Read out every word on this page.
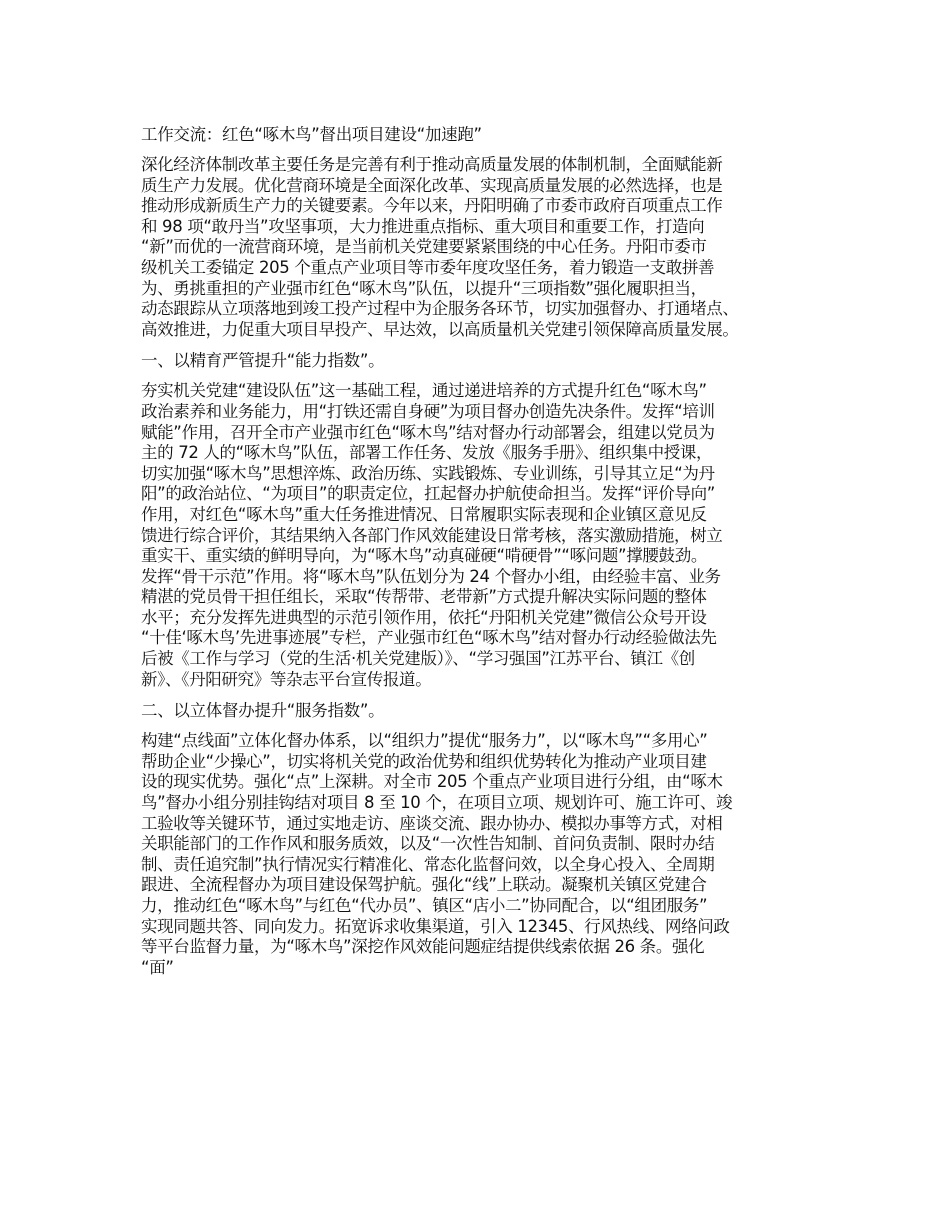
工作交流：红色“啄木鸟”督出项目建设“加速跑”
深化经济体制改革主要任务是完善有利于推动高质量发展的体制机制，全面赋能新
质生产力发展。优化营商环境是全面深化改革、实现高质量发展的必然选择，也是
推动形成新质生产力的关键要素。今年以来，丹阳明确了市委市政府百项重点工作
和 98 项“敢丹当”攻坚事项，大力推进重点指标、重大项目和重要工作，打造向
“新”而优的一流营商环境，是当前机关党建要紧紧围绕的中心任务。丹阳市委市
级机关工委锚定 205 个重点产业项目等市委年度攻坚任务，着力锻造一支敢拼善
为、勇挑重担的产业强市红色“啄木鸟”队伍，以提升“三项指数”强化履职担当，
动态跟踪从立项落地到竣工投产过程中为企服务各环节，切实加强督办、打通堵点、
高效推进，力促重大项目早投产、早达效，以高质量机关党建引领保障高质量发展。
一、以精育严管提升“能力指数”。
夯实机关党建“建设队伍”这一基础工程，通过递进培养的方式提升红色“啄木鸟”
政治素养和业务能力，用“打铁还需自身硬”为项目督办创造先决条件。发挥“培训
赋能”作用，召开全市产业强市红色“啄木鸟”结对督办行动部署会，组建以党员为
主的 72 人的“啄木鸟”队伍，部署工作任务、发放《服务手册》、组织集中授课，
切实加强“啄木鸟”思想淬炼、政治历练、实践锻炼、专业训练，引导其立足“为丹
阳”的政治站位、“为项目”的职责定位，扛起督办护航使命担当。发挥“评价导向”
作用，对红色“啄木鸟”重大任务推进情况、日常履职实际表现和企业镇区意见反
馈进行综合评价，其结果纳入各部门作风效能建设日常考核，落实激励措施，树立
重实干、重实绩的鲜明导向，为“啄木鸟”动真碰硬“啃硬骨”“啄问题”撑腰鼓劲。
发挥“骨干示范”作用。将“啄木鸟”队伍划分为 24 个督办小组，由经验丰富、业务
精湛的党员骨干担任组长，采取“传帮带、老带新”方式提升解决实际问题的整体
水平；充分发挥先进典型的示范引领作用，依托“丹阳机关党建”微信公众号开设
“十佳‘啄木鸟’先进事迹展”专栏，产业强市红色“啄木鸟”结对督办行动经验做法先
后被《工作与学习（党的生活·机关党建版）》、“学习强国”江苏平台、镇江《创
新》、《丹阳研究》等杂志平台宣传报道。
二、以立体督办提升“服务指数”。
构建“点线面”立体化督办体系，以“组织力”提优“服务力”，以“啄木鸟”“多用心”
帮助企业“少操心”，切实将机关党的政治优势和组织优势转化为推动产业项目建
设的现实优势。强化“点”上深耕。对全市 205 个重点产业项目进行分组，由“啄木
鸟”督办小组分别挂钩结对项目 8 至 10 个，在项目立项、规划许可、施工许可、竣
工验收等关键环节，通过实地走访、座谈交流、跟办协办、模拟办事等方式，对相
关职能部门的工作作风和服务质效，以及“一次性告知制、首问负责制、限时办结
制、责任追究制”执行情况实行精准化、常态化监督问效，以全身心投入、全周期
跟进、全流程督办为项目建设保驾护航。强化“线”上联动。凝聚机关镇区党建合
力，推动红色“啄木鸟”与红色“代办员”、镇区“店小二”协同配合，以“组团服务”
实现同题共答、同向发力。拓宽诉求收集渠道，引入 12345、行风热线、网络问政
等平台监督力量，为“啄木鸟”深挖作风效能问题症结提供线索依据 26 条。强化
“面”
